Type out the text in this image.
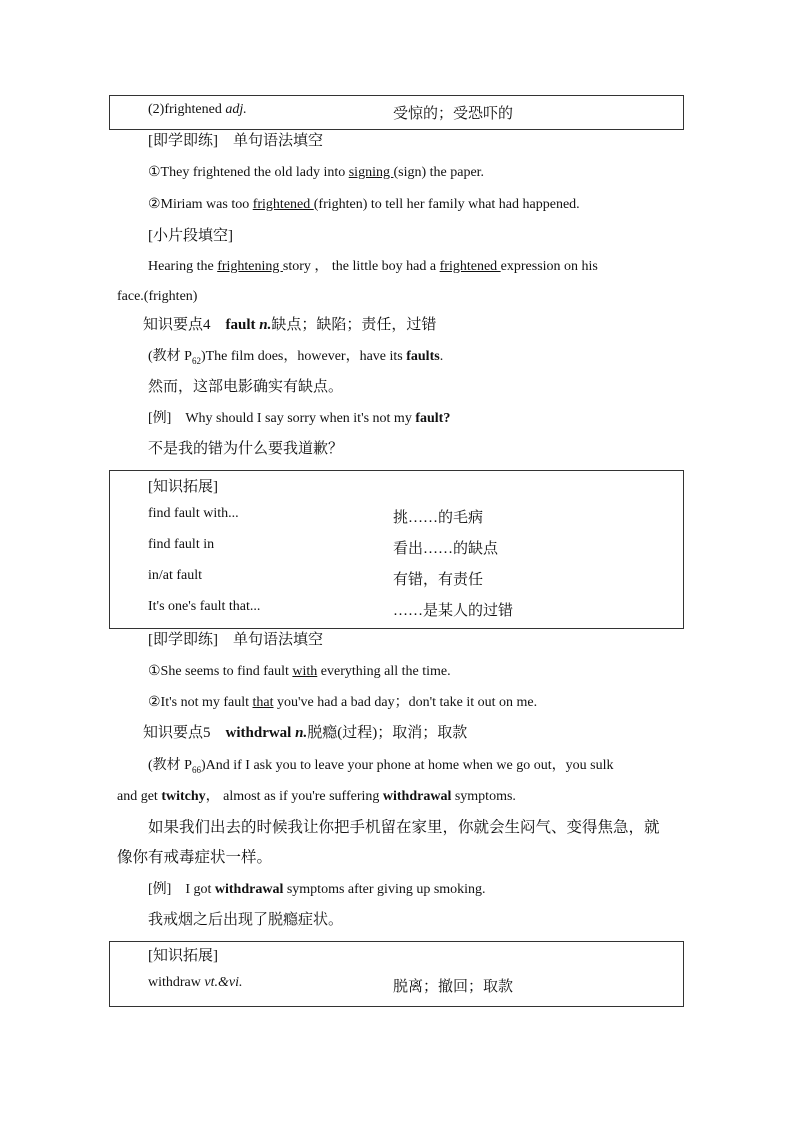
(2)frightened adj.	受惊的；受恐吓的
[即学即练]　单句语法填空
①They frightened the old lady into signing (sign) the paper.
②Miriam was too frightened (frighten) to tell her family what had happened.
[小片段填空]
Hearing the frightening story ， the little boy had a frightened expression on his
face.(frighten)
知识要点4　fault n.缺点；缺陷；责任，过错
(教材 $P_{62})The$ film does，however，have its faults.
然而，这部电影确实有缺点。
[例]　Why should I say sorry when it's not my fault?
不是我的错为什么要我道歉？
[知识拓展]
find fault with...	挑……的毛病
find fault in	看出……的缺点
in/at fault	有错，有责任
It's one's fault that...	……是某人的过错
[即学即练]　单句语法填空
①She seems to find fault with everything all the time.
②It's not my fault that you've had a bad day；don't take it out on me.
知识要点5　withdrwal n.脱瘾(过程)；取消；取款
(教材 $P_{66})And$ if I ask you to leave your phone at home when we go out，you sulk
and get twitchy， almost as if you're suffering withdrawal symptoms.
如果我们出去的时候我让你把手机留在家里，你就会生闷气、变得焦急，就
像你有戒毒症状一样。
[例]　I got withdrawal symptoms after giving up smoking.
我戒烟之后出现了脱瘾症状。
[知识拓展]
withdraw vt.&vi.	脱离；撤回；取款
